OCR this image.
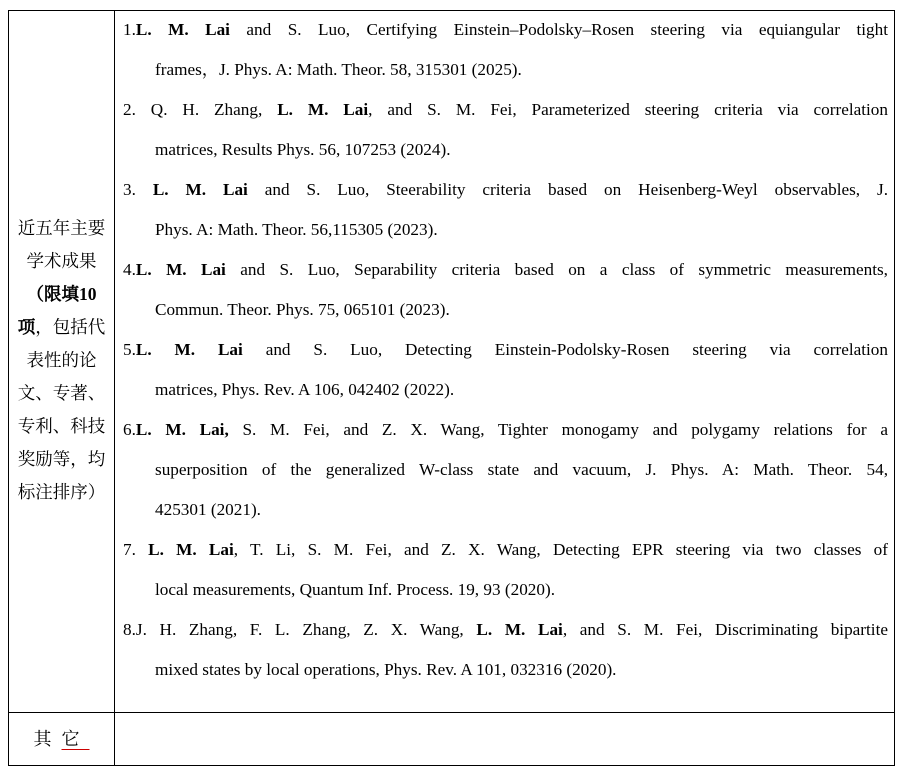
近五年主要
学术成果
（限填10
项，包括代
表性的论
文、专著、
专利、科技
奖励等，均
标注排序）
其它
1.L. M. Lai and S. Luo, Certifying Einstein–Podolsky–Rosen steering via equiangular tight
frames，J. Phys. A: Math. Theor. 58, 315301 (2025).
2. Q. H. Zhang, L. M. Lai, and S. M. Fei, Parameterized steering criteria via correlation
matrices, Results Phys. 56, 107253 (2024).
3. L. M. Lai and S. Luo, Steerability criteria based on Heisenberg-Weyl observables, J.
Phys. A: Math. Theor. 56,115305 (2023).
4.L. M. Lai and S. Luo, Separability criteria based on a class of symmetric measurements,
Commun. Theor. Phys. 75, 065101 (2023).
5.L. M. Lai and S. Luo, Detecting Einstein-Podolsky-Rosen steering via correlation
matrices, Phys. Rev. A 106, 042402 (2022).
6.L. M. Lai, S. M. Fei, and Z. X. Wang, Tighter monogamy and polygamy relations for a
superposition of the generalized W-class state and vacuum, J. Phys. A: Math. Theor. 54,
425301 (2021).
7. L. M. Lai, T. Li, S. M. Fei, and Z. X. Wang, Detecting EPR steering via two classes of
local measurements, Quantum Inf. Process. 19, 93 (2020).
8.J. H. Zhang, F. L. Zhang, Z. X. Wang, L. M. Lai, and S. M. Fei, Discriminating bipartite
mixed states by local operations, Phys. Rev. A 101, 032316 (2020).
